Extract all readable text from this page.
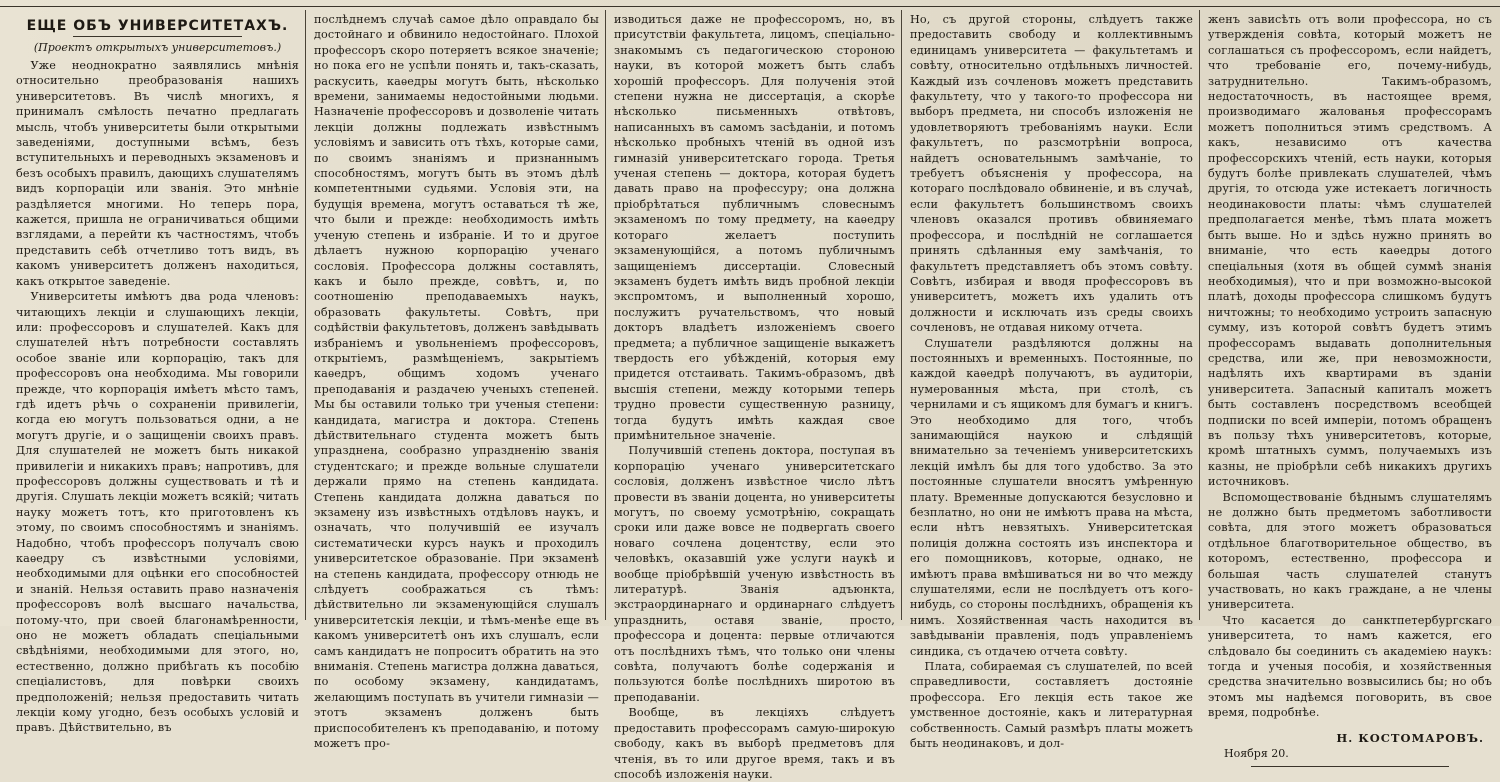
ЕЩЕ ОБЪ УНИВЕРСИТЕТАХЪ.
(Проектъ открытыхъ университетовъ.)

Уже неоднократно заявлялись мнѣнія относительно преобразованія нашихъ университетовъ. Въ числѣ многихъ, я принималъ смѣлость печатно предлагать мысль, чтобъ университеты были открытыми заведеніями, доступными всѣмъ, безъ вступительныхъ и переводныхъ экзаменовъ и безъ особыхъ правилъ, дающихъ слушателямъ видъ корпораціи или званія. Это мнѣніе раздѣляется многими. Но теперь пора, кажется, пришла не ограничиваться общими взглядами, а перейти къ частностямъ, чтобъ представить себѣ отчетливо тотъ видъ, въ какомъ университетъ долженъ находиться, какъ открытое заведеніе.

Университеты имѣютъ два рода членовъ: читающихъ лекціи и слушающихъ лекціи, или: профессоровъ и слушателей. Какъ для слушателей нѣтъ потребности составлять особое званіе или корпорацію, такъ для профессоровъ она необходима. Мы говорили прежде, что корпорація имѣетъ мѣсто тамъ, гдѣ идетъ рѣчь о сохраненіи привилегіи, когда ею могутъ пользоваться одни, а не могутъ другіе, и о защищеніи своихъ правъ. Для слушателей не можетъ быть никакой привилегіи и никакихъ правъ; напротивъ, для профессоровъ должны существовать и тѣ и другія. Слушать лекціи можетъ всякій; читать науку можетъ тотъ, кто приготовленъ къ этому, по своимъ способностямъ и знаніямъ. Надобно, чтобъ профессоръ получалъ свою каѳедру съ извѣстными условіями, необходимыми для оцѣнки его способностей и знаній. Нельзя оставить право назначенія профессоровъ волѣ высшаго начальства, потому-что, при своей благонамѣренности, оно не можетъ обладать спеціальными свѣдѣніями, необходимыми для этого, но, естественно, должно прибѣгать къ пособію спеціалистовъ, для повѣрки своихъ предположеній; нельзя предоставить читать лекціи кому угодно, безъ особыхъ условій и правъ. Дѣйствительно, въ

послѣднемъ случаѣ самое дѣло оправдало бы достойнаго и обвинило недостойнаго. Плохой профессоръ скоро потеряетъ всякое значеніе; но пока его не успѣли понять и, такъ-сказать, раскусить, каѳедры могутъ быть, нѣсколько времени, занимаемы недостойными людьми. Назначеніе профессоровъ и дозволеніе читать лекціи должны подлежать извѣстнымъ условіямъ и зависить отъ тѣхъ, которые сами, по своимъ знаніямъ и признаннымъ способностямъ, могутъ быть въ этомъ дѣлѣ компетентными судьями. Условія эти, на будущія времена, могутъ оставаться тѣ же, что были и прежде: необходимость имѣть ученую степень и избраніе. И то и другое дѣлаетъ нужною корпорацію ученаго сословія. Профессора должны составлять, какъ и было прежде, совѣтъ, и, по соотношенію преподаваемыхъ наукъ, образовать факультеты. Совѣтъ, при содѣйствіи факультетовъ, долженъ завѣдывать избраніемъ и увольненіемъ профессоровъ, открытіемъ, размѣщеніемъ, закрытіемъ каѳедръ, общимъ ходомъ ученаго преподаванія и раздачею ученыхъ степеней. Мы бы оставили только три ученыя степени: кандидата, магистра и доктора. Степень дѣйствительнаго студента можетъ быть упразднена, сообразно упраздненію званія студентскаго; и прежде вольные слушатели держали прямо на степень кандидата. Степень кандидата должна даваться по экзамену изъ извѣстныхъ отдѣловъ наукъ, и означать, что получившій ее изучалъ систематически курсъ наукъ и проходилъ университетское образованіе. При экзаменѣ на степень кандидата, профессору отнюдь не слѣдуетъ соображаться съ тѣмъ: дѣйствительно ли экзаменующійся слушалъ университетскія лекціи, и тѣмъ-менѣе еще въ какомъ университетѣ онъ ихъ слушалъ, если самъ кандидатъ не попроситъ обратить на это вниманія. Степень магистра должна даваться, по особому экзамену, кандидатамъ, желающимъ поступать въ учители гимназіи — этотъ экзаменъ долженъ быть приспособителенъ къ преподаванію, и потому можетъ про-

изводиться даже не профессоромъ, но, въ присутствіи факультета, лицомъ, спеціально-знакомымъ съ педагогическою стороною науки, въ которой можетъ быть слабъ хорошій профессоръ. Для полученія этой степени нужна не диссертація, а скорѣе нѣсколько письменныхъ отвѣтовъ, написанныхъ въ самомъ засѣданіи, и потомъ нѣсколько пробныхъ чтеній въ одной изъ гимназій университетскаго города. Третья ученая степень — доктора, которая будетъ давать право на профессуру; она должна пріобрѣтаться публичнымъ словеснымъ экзаменомъ по тому предмету, на каѳедру котораго желаетъ поступить экзаменующійся, а потомъ публичнымъ защищеніемъ диссертаціи. Словесный экзаменъ будетъ имѣть видъ пробной лекціи экспромтомъ, и выполненный хорошо, послужитъ ручательствомъ, что новый докторъ владѣетъ изложеніемъ своего предмета; а публичное защищеніе выкажетъ твердость его убѣжденій, которыя ему придется отстаивать. Такимъ-образомъ, двѣ высшія степени, между которыми теперь трудно провести существенную разницу, тогда будутъ имѣть каждая свое примѣнительное значеніе.

Получившій степень доктора, поступая въ корпорацію ученаго университетскаго сословія, долженъ извѣстное число лѣтъ провести въ званіи доцента, но университеты могутъ, по своему усмотрѣнію, сокращать сроки или даже вовсе не подвергать своего новаго сочлена доцентству, если это человѣкъ, оказавшій уже услуги наукѣ и вообще пріобрѣвшій ученую извѣстность въ литературѣ. Званія адъюнкта, экстраординарнаго и ординарнаго слѣдуетъ упразднить, оставя званіе, просто, профессора и доцента: первые отличаются отъ послѣднихъ тѣмъ, что только они члены совѣта, получаютъ болѣе содержанія и пользуются болѣе послѣднихъ широтою въ преподаваніи.

Вообще, въ лекціяхъ слѣдуетъ предоставить профессорамъ самую-широкую свободу, какъ въ выборѣ предметовъ для чтенія, въ то или другое время, такъ и въ способѣ изложенія науки.

Но, съ другой стороны, слѣдуетъ также предоставить свободу и коллективнымъ единицамъ университета — факультетамъ и совѣту, относительно отдѣльныхъ личностей. Каждый изъ сочленовъ можетъ представить факультету, что у такого-то профессора ни выборъ предмета, ни способъ изложенія не удовлетворяютъ требованіямъ науки. Если факультетъ, по разсмотрѣніи вопроса, найдетъ основательнымъ замѣчаніе, то требуетъ объясненія у профессора, на котораго послѣдовало обвиненіе, и въ случаѣ, если факультетъ большинствомъ своихъ членовъ оказался противъ обвиняемаго профессора, и послѣдній не соглашается принять сдѣланныя ему замѣчанія, то факультетъ представляетъ объ этомъ совѣту. Совѣтъ, избирая и вводя профессоровъ въ университетъ, можетъ ихъ удалить отъ должности и исключать изъ среды своихъ сочленовъ, не отдавая никому отчета.

Слушатели раздѣляются должны на постоянныхъ и временныхъ. Постоянные, по каждой каѳедрѣ получаютъ, въ аудиторіи, нумерованныя мѣста, при столѣ, съ чернилами и съ ящикомъ для бумагъ и книгъ. Это необходимо для того, чтобъ занимающійся наукою и слѣдящій внимательно за теченіемъ университетскихъ лекцій имѣлъ бы для того удобство. За это постоянные слушатели вносятъ умѣренную плату. Временные допускаются безусловно и безплатно, но они не имѣютъ права на мѣста, если нѣтъ невзятыхъ. Университетская полиція должна состоять изъ инспектора и его помощниковъ, которые, однако, не имѣютъ права вмѣшиваться ни во что между слушателями, если не послѣдуетъ отъ кого-нибудь, со стороны послѣднихъ, обращенія къ нимъ. Хозяйственная часть находится въ завѣдываніи правленія, подъ управленіемъ синдика, съ отдачею отчета совѣту.

Плата, собираемая съ слушателей, по всей справедливости, составляетъ достояніе профессора. Его лекція есть такое же умственное достояніе, какъ и литературная собственность. Самый размѣръ платы можетъ быть неодинаковъ, и дол-

женъ зависѣть отъ воли профессора, но съ утвержденія совѣта, который можетъ не соглашаться съ профессоромъ, если найдетъ, что требованіе его, почему-нибудь, затруднительно. Такимъ-образомъ, недостаточность, въ настоящее время, производимаго жалованья профессорамъ можетъ пополниться этимъ средствомъ. А какъ, независимо отъ качества профессорскихъ чтеній, есть науки, которыя будутъ болѣе привлекать слушателей, чѣмъ другія, то отсюда уже истекаетъ логичность неодинаковости платы: чѣмъ слушателей предполагается менѣе, тѣмъ плата можетъ быть выше. Но и здѣсь нужно принять во вниманіе, что есть каѳедры дотого спеціальныя (хотя въ общей суммѣ знанія необходимыя), что и при возможно-высокой платѣ, доходы профессора слишкомъ будутъ ничтожны; то необходимо устроить запасную сумму, изъ которой совѣтъ будетъ этимъ профессорамъ выдавать дополнительныя средства, или же, при невозможности, надѣлять ихъ квартирами въ зданіи университета. Запасный капиталъ можетъ быть составленъ посредствомъ всеобщей подписки по всей имперіи, потомъ обращенъ въ пользу тѣхъ университетовъ, которые, кромѣ штатныхъ суммъ, получаемыхъ изъ казны, не пріобрѣли себѣ никакихъ другихъ источниковъ.

Вспомоществованіе бѣднымъ слушателямъ не должно быть предметомъ заботливости совѣта, для этого можетъ образоваться отдѣльное благотворительное общество, въ которомъ, естественно, профессора и большая часть слушателей станутъ участвовать, но какъ граждане, а не члены университета.

Что касается до санктпетербургскаго университета, то намъ кажется, его слѣдовало бы соединить съ академіею наукъ: тогда и ученыя пособія, и хозяйственныя средства значительно возвысились бы; но объ этомъ мы надѣемся поговорить, въ свое время, подробнѣе.

Н. КОСТОМАРОВЪ.
Ноября 20.
